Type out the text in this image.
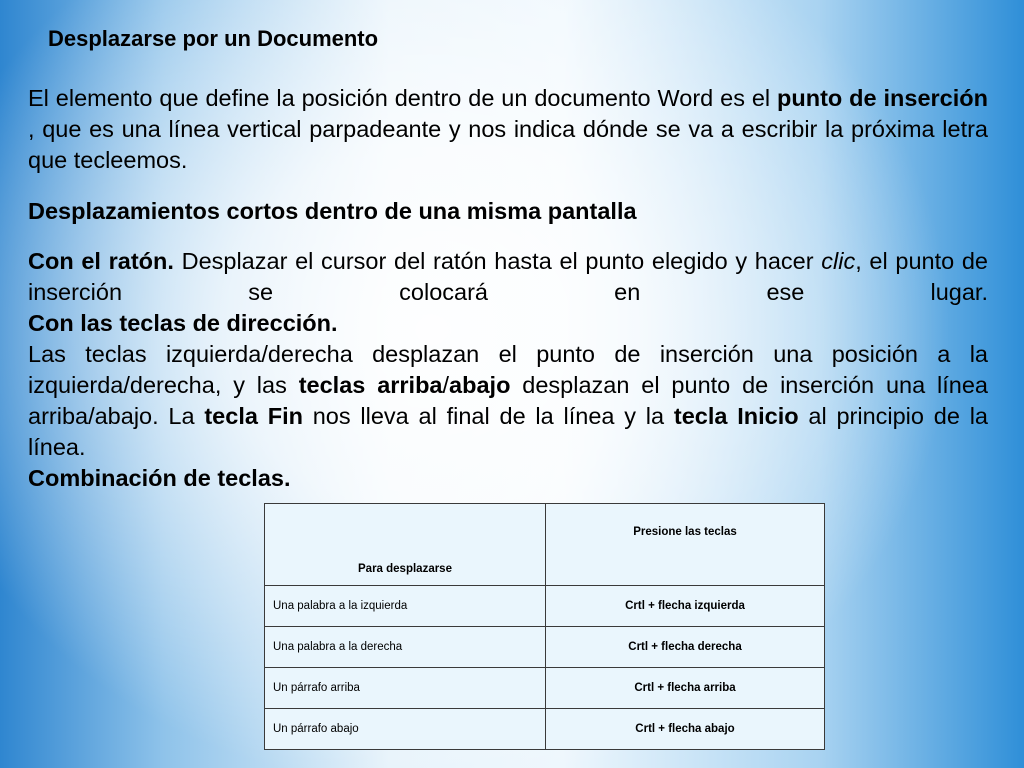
Desplazarse por un Documento

El elemento que define la posición dentro de un documento Word es el punto de inserción , que es una línea vertical parpadeante y nos indica dónde se va a escribir la próxima letra que tecleemos.

Desplazamientos cortos dentro de una misma pantalla
Con el ratón. Desplazar el cursor del ratón hasta el punto elegido y hacer clic, el punto de inserción se colocará en ese lugar.
Con las teclas de dirección.
Las teclas izquierda/derecha desplazan el punto de inserción una posición a la izquierda/derecha, y las teclas arriba/abajo desplazan el punto de inserción una línea arriba/abajo. La tecla Fin nos lleva al final de la línea y la tecla Inicio al principio de la línea.
Combinación de teclas.
Para desplazarse	Presione las teclas
Una palabra a la izquierda	Crtl + flecha izquierda
Una palabra a la derecha	Crtl + flecha derecha
Un párrafo arriba	Crtl + flecha arriba
Un párrafo abajo	Crtl + flecha abajo
